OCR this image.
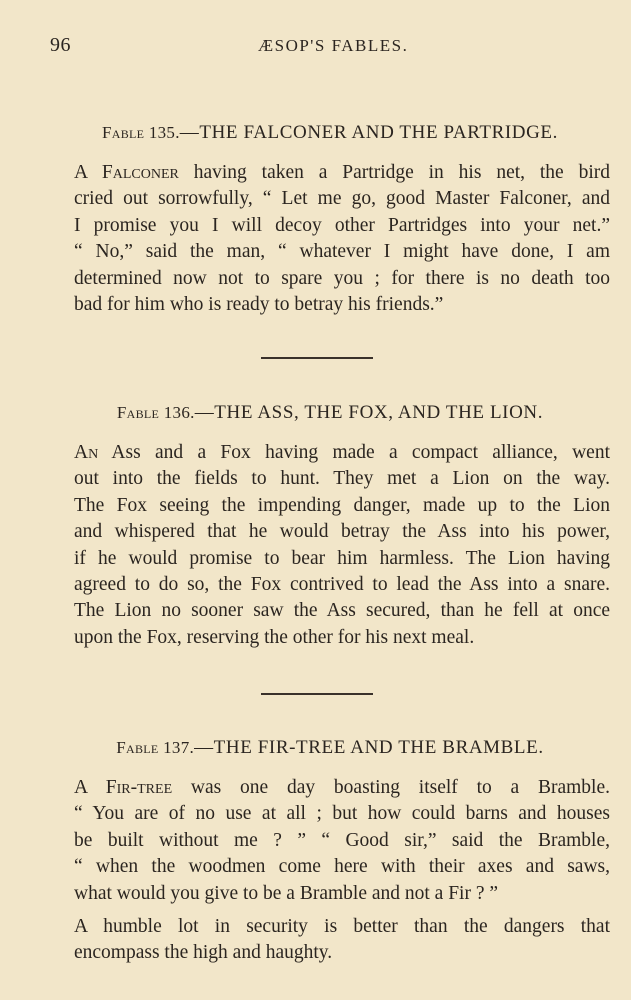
96	ÆSOP'S FABLES.
Fable 135.—THE FALCONER AND THE PARTRIDGE.

A Falconer having taken a Partridge in his net, the bird
cried out sorrowfully, “ Let me go, good Master Falconer, and
I promise you I will decoy other Partridges into your net.”
“ No,” said the man, “ whatever I might have done, I am
determined now not to spare you ; for there is no death too
bad for him who is ready to betray his friends.”

Fable 136.—THE ASS, THE FOX, AND THE LION.

An Ass and a Fox having made a compact alliance, went
out into the fields to hunt. They met a Lion on the way.
The Fox seeing the impending danger, made up to the Lion
and whispered that he would betray the Ass into his power,
if he would promise to bear him harmless. The Lion having
agreed to do so, the Fox contrived to lead the Ass into a snare.
The Lion no sooner saw the Ass secured, than he fell at once
upon the Fox, reserving the other for his next meal.

Fable 137.—THE FIR-TREE AND THE BRAMBLE.

A Fir-tree was one day boasting itself to a Bramble.
“ You are of no use at all ; but how could barns and houses
be built without me ? ” “ Good sir,” said the Bramble,
“ when the woodmen come here with their axes and saws,
what would you give to be a Bramble and not a Fir ? ”

A humble lot in security is better than the dangers that
encompass the high and haughty.
